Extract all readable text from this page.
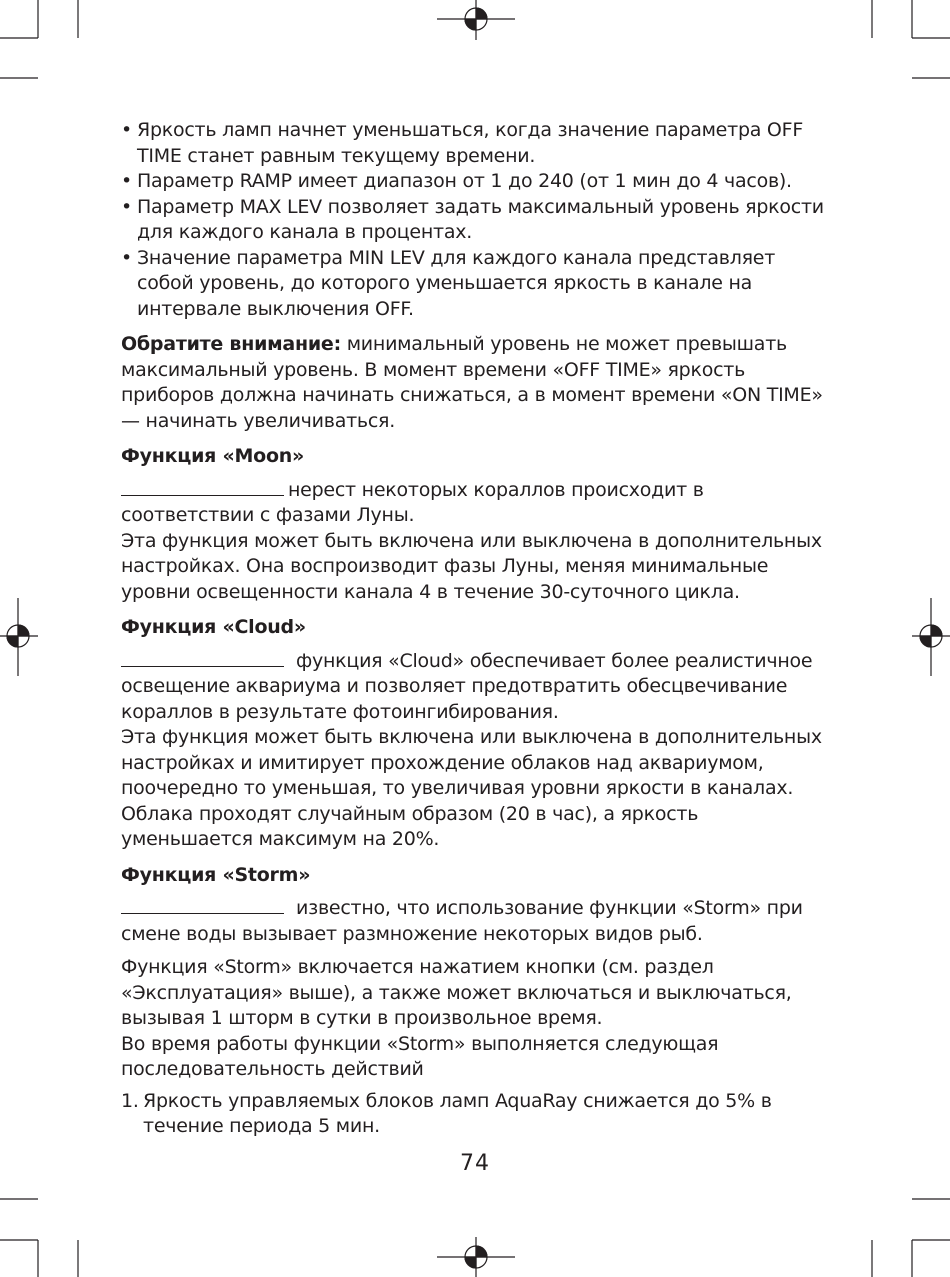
• Яркость ламп начнет уменьшаться, когда значение параметра OFF TIME станет равным текущему времени.
• Параметр RAMP имеет диапазон от 1 до 240 (от 1 мин до 4 часов).
• Параметр MAX LEV позволяет задать максимальный уровень яркости для каждого канала в процентах.
• Значение параметра MIN LEV для каждого канала представляет собой уровень, до которого уменьшается яркость в канале на интервале выключения OFF.

Обратите внимание: минимальный уровень не может превышать максимальный уровень. В момент времени «OFF TIME» яркость приборов должна начинать снижаться, а в момент времени «ON TIME» — начинать увеличиваться.

Функция «Moon»

нерест некоторых кораллов происходит в соответствии с фазами Луны.

Эта функция может быть включена или выключена в дополнительных настройках. Она воспроизводит фазы Луны, меняя минимальные уровни освещенности канала 4 в течение 30-суточного цикла.

Функция «Cloud»

функция «Cloud» обеспечивает более реалистичное освещение аквариума и позволяет предотвратить обесцвечивание кораллов в результате фотоингибирования.

Эта функция может быть включена или выключена в дополнительных настройках и имитирует прохождение облаков над аквариумом, поочередно то уменьшая, то увеличивая уровни яркости в каналах. Облака проходят случайным образом (20 в час), а яркость уменьшается максимум на 20%.

Функция «Storm»

известно, что использование функции «Storm» при смене воды вызывает размножение некоторых видов рыб.

Функция «Storm» включается нажатием кнопки (см. раздел «Эксплуатация» выше), а также может включаться и выключаться, вызывая 1 шторм в сутки в произвольное время.

Во время работы функции «Storm» выполняется следующая последовательность действий

1. Яркость управляемых блоков ламп AquaRay снижается до 5% в течение периода 5 мин.
74
